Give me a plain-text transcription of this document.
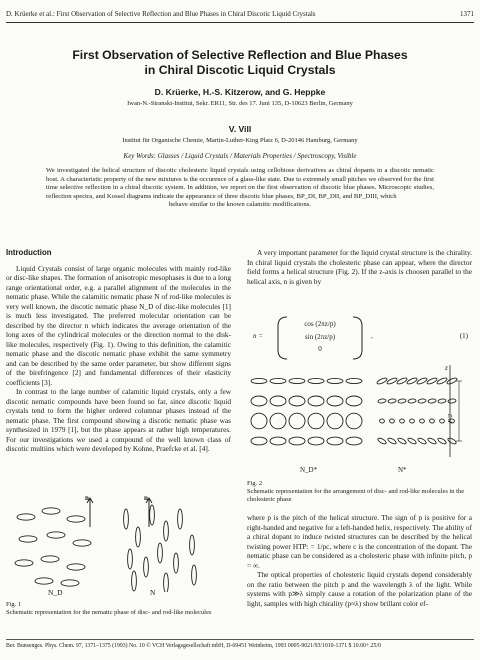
D. Krüerke et al.: First Observation of Selective Reflection and Blue Phases in Chiral Discotic Liquid Crystals	1371
First Observation of Selective Reflection and Blue Phases
in Chiral Discotic Liquid Crystals
D. Krüerke, H.-S. Kitzerow, and G. Heppke
Iwan-N.-Stranski-Institut, Sekr. ER11, Str. des 17. Juni 135, D-10623 Berlin, Germany
V. Vill
Institut für Organische Chemie, Martin-Luther-King Platz 6, D-20146 Hamburg, Germany
Key Words: Glasses / Liquid Crystals / Materials Properties / Spectroscopy, Visible
We investigated the helical structure of discotic cholesteric liquid crystals using cellobiose derivatives as chiral dopants in a discotic nematic host. A characteristic property of the new mixtures is the occurence of a glass-like state. Due to extremely small pitches we observed for the first time selective reflection in a chiral discotic system. In addition, we report on the first observation of discotic blue phases. Microscopic studies, reflection spectra, and Kossel diagrams indicate the appearance of three discotic blue phases, BP_DI, BP_DII, and BP_DIII, which
behave similar to the known calamitic modifications.
Introduction

Liquid Crystals consist of large organic molecules with mainly rod-like or disc-like shapes. The formation of anisotropic mesophases is due to a long range orientational order, e.g. a parallel alignment of the molecules in the nematic phase. While the calamitic nematic phase N of rod-like molecules is very well known, the discotic nematic phase N_D of disc-like molecules [1] is much less investigated. The preferred molecular orientation can be described by the director n which indicates the average orientation of the long axes of the cylindrical molecules or the direction normal to the disk-like molecules, respectively (Fig. 1). Owing to this definition, the calamitic nematic phase and the discotic nematic phase exhibit the same symmetry and can be described by the same order parameter, but show different signs of the birefringence [2] and fundamental differences of their elasticity coefficients [3].

In contrast to the large number of calamitic liquid crystals, only a few discotic nematic compounds have been found so far, since discotic liquid crystals tend to form the higher ordered columnar phases instead of the nematic phase. The first compound showing a discotic nematic phase was synthesized in 1979 [1], but the phase appears at rather high temperatures. For our investigations we used a compound of the well known class of discotic multiins which were developed by Kohne, Praefcke et al. [4].

A very important parameter for the liquid crystal structure is the chirality. In chiral liquid crystals the cholesteric phase can appear, where the director field forms a helical structure (Fig. 2). If the z-axis is choosen parallel to the helical axis, n is given by

n =
cos (2πz/p)
sin (2πz/p)
0
,	(1)
N_D*	N*
z
P/2
Fig. 2
Schematic representation for the arrangement of disc- and rod-like molecules in the cholesteric phase

where p is the pitch of the helical structure. The sign of p is positive for a right-handed and negative for a left-handed helix, respectively. The ability of a chiral dopant to induce twisted structures can be described by the helical twisting power HTP: = 1/pc, where c is the concentration of the dopant. The nematic phase can be considered as a cholesteric phase with infinite pitch, p = ∞.

The optical properties of cholesteric liquid crystals depend considerably on the ratio between the pitch p and the wavelength λ of the light. While systems with p≫λ simply cause a rotation of the polarization plane of the light, samples with high chirality (p≈λ) show brillant color ef-

N_D	N
n	n
Fig. 1
Schematic representation for the nematic phase of disc- and rod-like molecules
Ber. Bunsenges. Phys. Chem. 97, 1371–1375 (1993) No. 10 © VCH Verlagsgesellschaft mbH, D-69451 Weinheim, 1993 0005-9021/93/1010-1371 $ 10.00+.25/0
